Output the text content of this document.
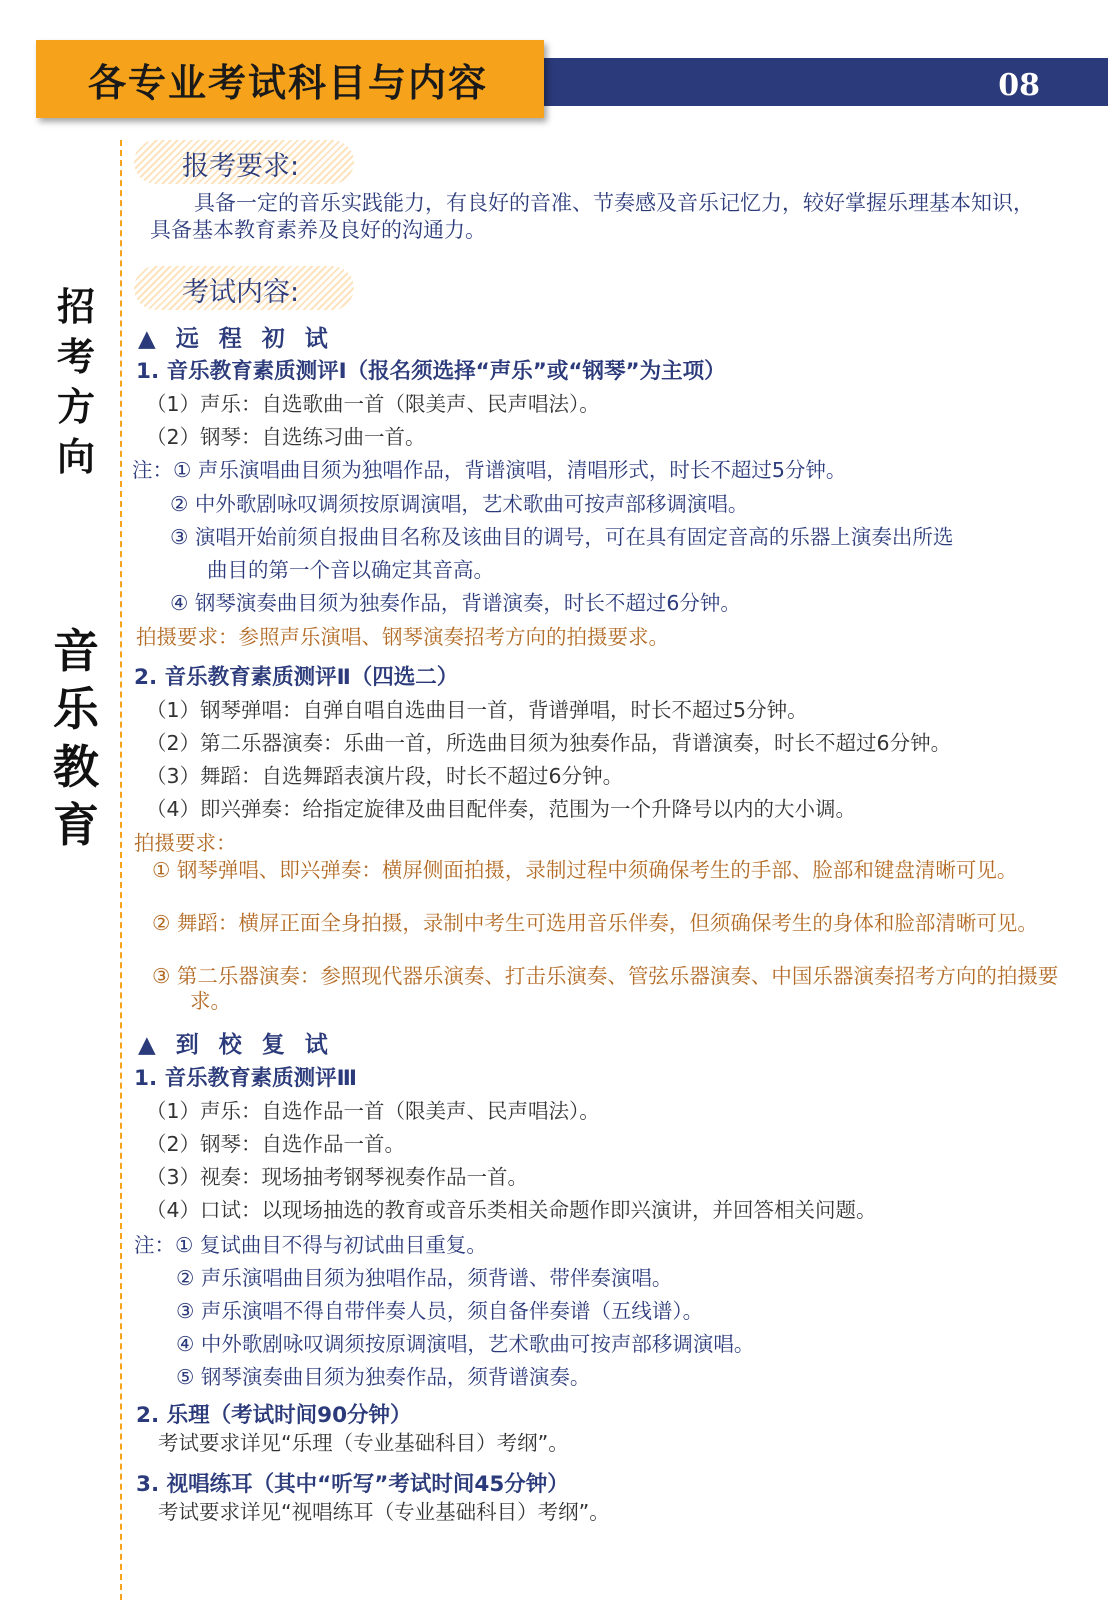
08
各专业考试科目与内容
招考方向
音乐教育
报考要求:
具备一定的音乐实践能力，有良好的音准、节奏感及音乐记忆力，较好掌握乐理基本知识，具备基本教育素养及良好的沟通力。
考试内容:
▲ 远 程 初 试
1. 音乐教育素质测评Ⅰ（报名须选择“声乐”或“钢琴”为主项）
（1）声乐：自选歌曲一首（限美声、民声唱法）。
（2）钢琴：自选练习曲一首。
注：① 声乐演唱曲目须为独唱作品，背谱演唱，清唱形式，时长不超过5分钟。
② 中外歌剧咏叹调须按原调演唱，艺术歌曲可按声部移调演唱。
③ 演唱开始前须自报曲目名称及该曲目的调号，可在具有固定音高的乐器上演奏出所选
曲目的第一个音以确定其音高。
④ 钢琴演奏曲目须为独奏作品，背谱演奏，时长不超过6分钟。
拍摄要求：参照声乐演唱、钢琴演奏招考方向的拍摄要求。
2. 音乐教育素质测评Ⅱ（四选二）
（1）钢琴弹唱：自弹自唱自选曲目一首，背谱弹唱，时长不超过5分钟。
（2）第二乐器演奏：乐曲一首，所选曲目须为独奏作品，背谱演奏，时长不超过6分钟。
（3）舞蹈：自选舞蹈表演片段，时长不超过6分钟。
（4）即兴弹奏：给指定旋律及曲目配伴奏，范围为一个升降号以内的大小调。
拍摄要求：
① 钢琴弹唱、即兴弹奏：横屏侧面拍摄，录制过程中须确保考生的手部、脸部和键盘清晰可见。
② 舞蹈：横屏正面全身拍摄，录制中考生可选用音乐伴奏，但须确保考生的身体和脸部清晰可见。
③ 第二乐器演奏：参照现代器乐演奏、打击乐演奏、管弦乐器演奏、中国乐器演奏招考方向的拍摄要求。
▲ 到 校 复 试
1. 音乐教育素质测评Ⅲ
（1）声乐：自选作品一首（限美声、民声唱法）。
（2）钢琴：自选作品一首。
（3）视奏：现场抽考钢琴视奏作品一首。
（4）口试：以现场抽选的教育或音乐类相关命题作即兴演讲，并回答相关问题。
注：① 复试曲目不得与初试曲目重复。
② 声乐演唱曲目须为独唱作品，须背谱、带伴奏演唱。
③ 声乐演唱不得自带伴奏人员，须自备伴奏谱（五线谱）。
④ 中外歌剧咏叹调须按原调演唱，艺术歌曲可按声部移调演唱。
⑤ 钢琴演奏曲目须为独奏作品，须背谱演奏。
2. 乐理（考试时间90分钟）
考试要求详见“乐理（专业基础科目）考纲”。
3. 视唱练耳（其中“听写”考试时间45分钟）
考试要求详见“视唱练耳（专业基础科目）考纲”。
